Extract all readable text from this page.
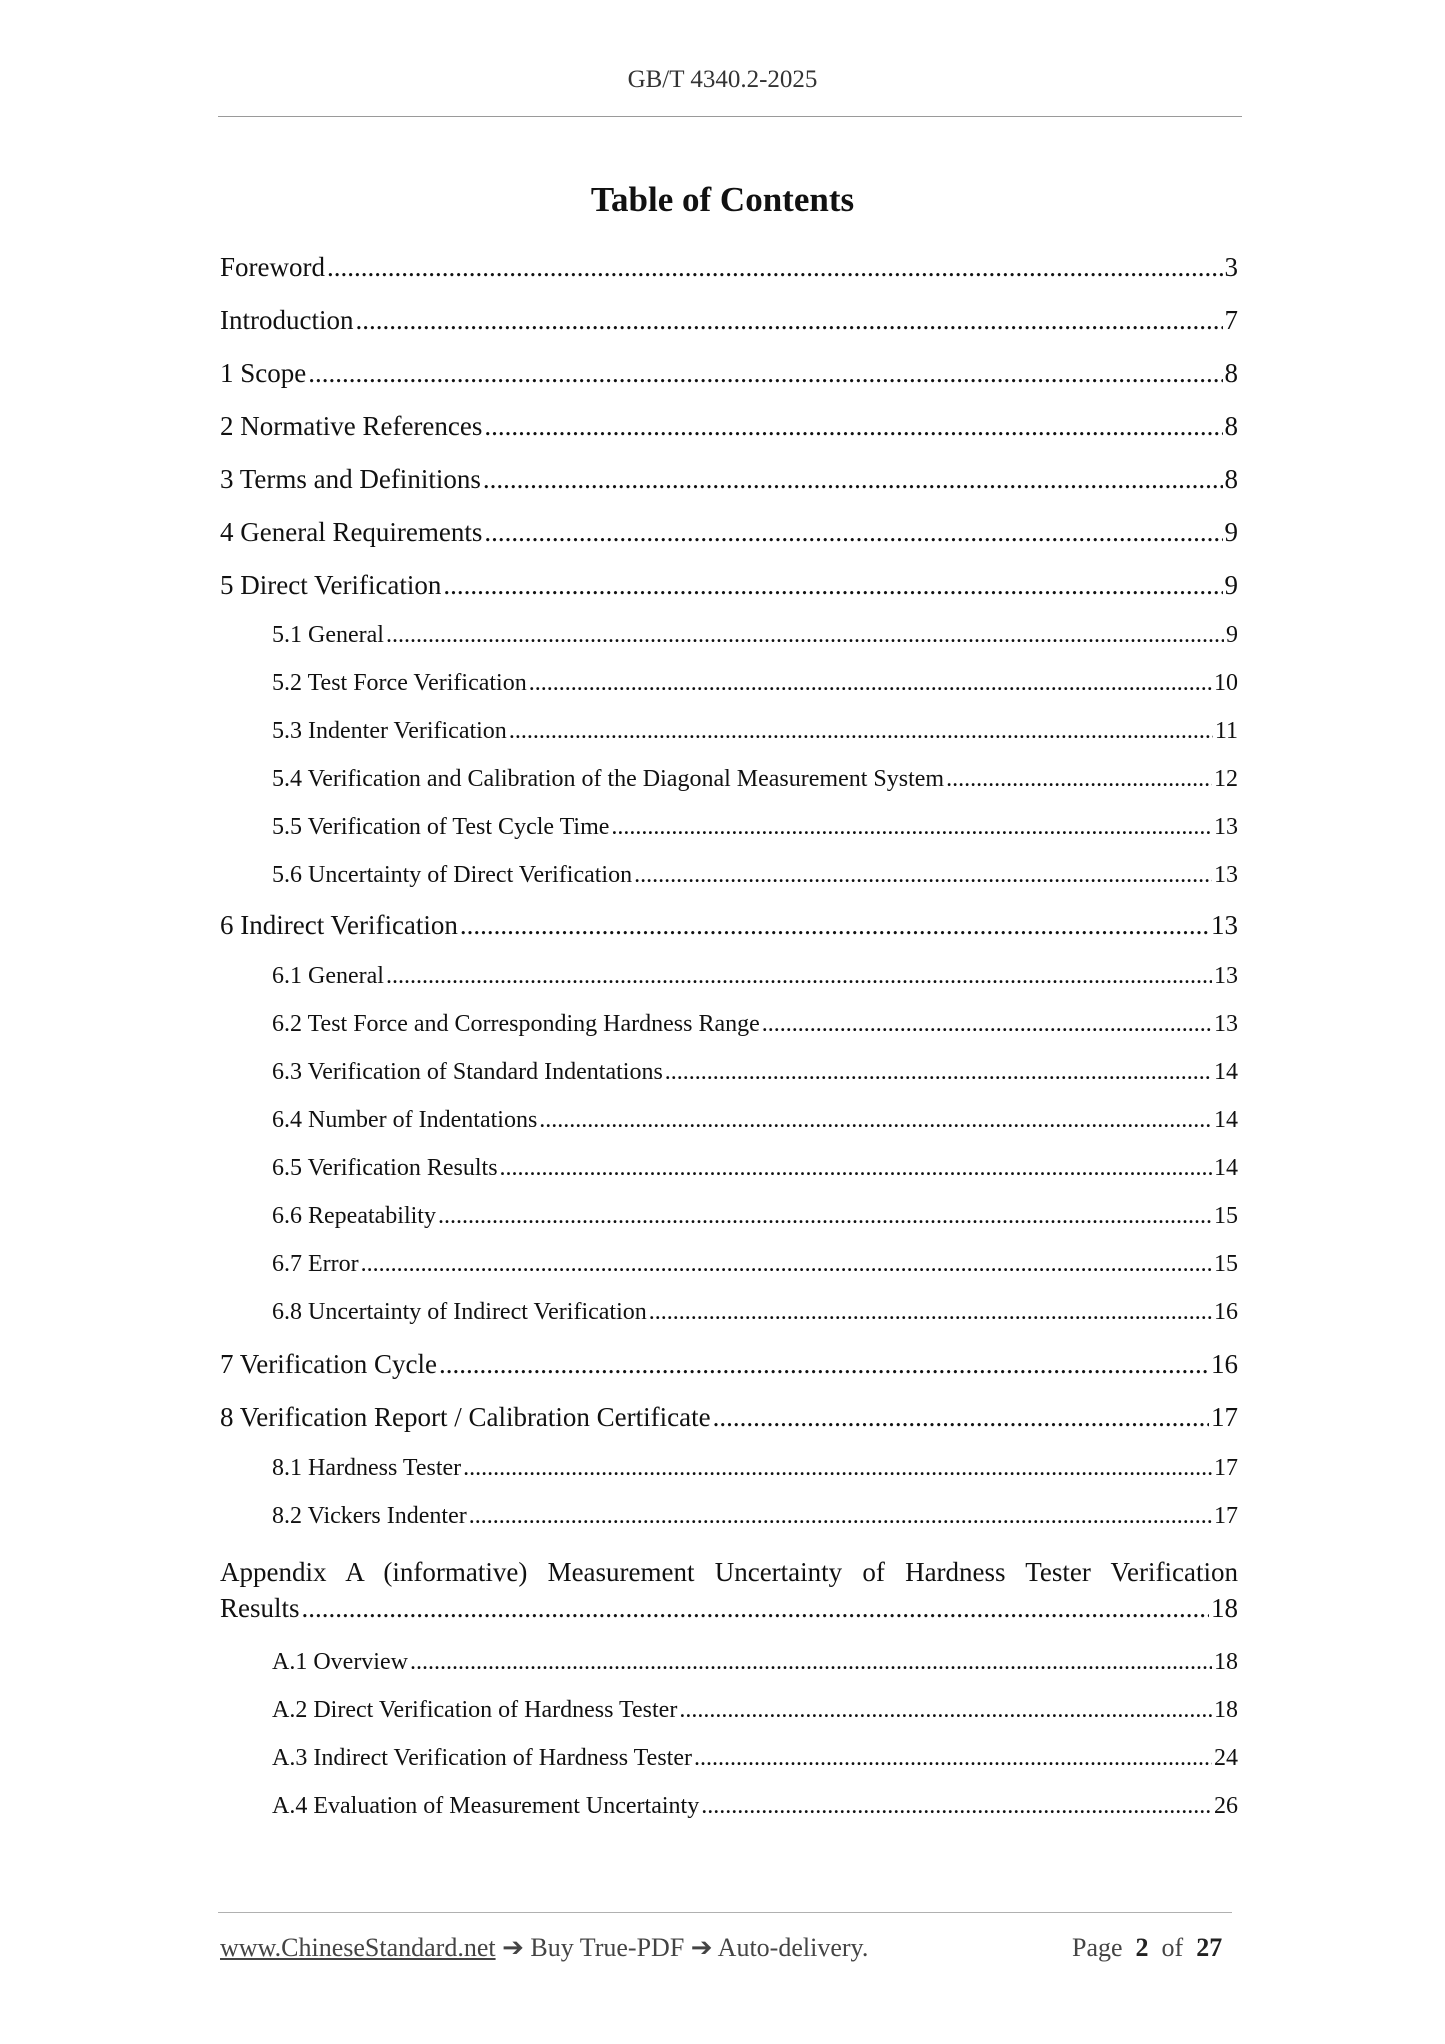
GB/T 4340.2-2025
Table of Contents
Foreword .....	3
Introduction .....	7
1 Scope .....	8
2 Normative References .....	8
3 Terms and Definitions .....	8
4 General Requirements .....	9
5 Direct Verification .....	9
5.1 General .....	9
5.2 Test Force Verification .....	10
5.3 Indenter Verification .....	11
5.4 Verification and Calibration of the Diagonal Measurement System .....	12
5.5 Verification of Test Cycle Time .....	13
5.6 Uncertainty of Direct Verification .....	13
6 Indirect Verification .....	13
6.1 General .....	13
6.2 Test Force and Corresponding Hardness Range .....	13
6.3 Verification of Standard Indentations .....	14
6.4 Number of Indentations .....	14
6.5 Verification Results .....	14
6.6 Repeatability .....	15
6.7 Error .....	15
6.8 Uncertainty of Indirect Verification .....	16
7 Verification Cycle .....	16
8 Verification Report / Calibration Certificate .....	17
8.1 Hardness Tester .....	17
8.2 Vickers Indenter .....	17
Appendix A (informative) Measurement Uncertainty of Hardness Tester Verification
Results .....	18
A.1 Overview .....	18
A.2 Direct Verification of Hardness Tester .....	18
A.3 Indirect Verification of Hardness Tester .....	24
A.4 Evaluation of Measurement Uncertainty .....	26
www.ChineseStandard.net ➔ Buy True-PDF ➔ Auto-delivery.	Page 2 of 27
